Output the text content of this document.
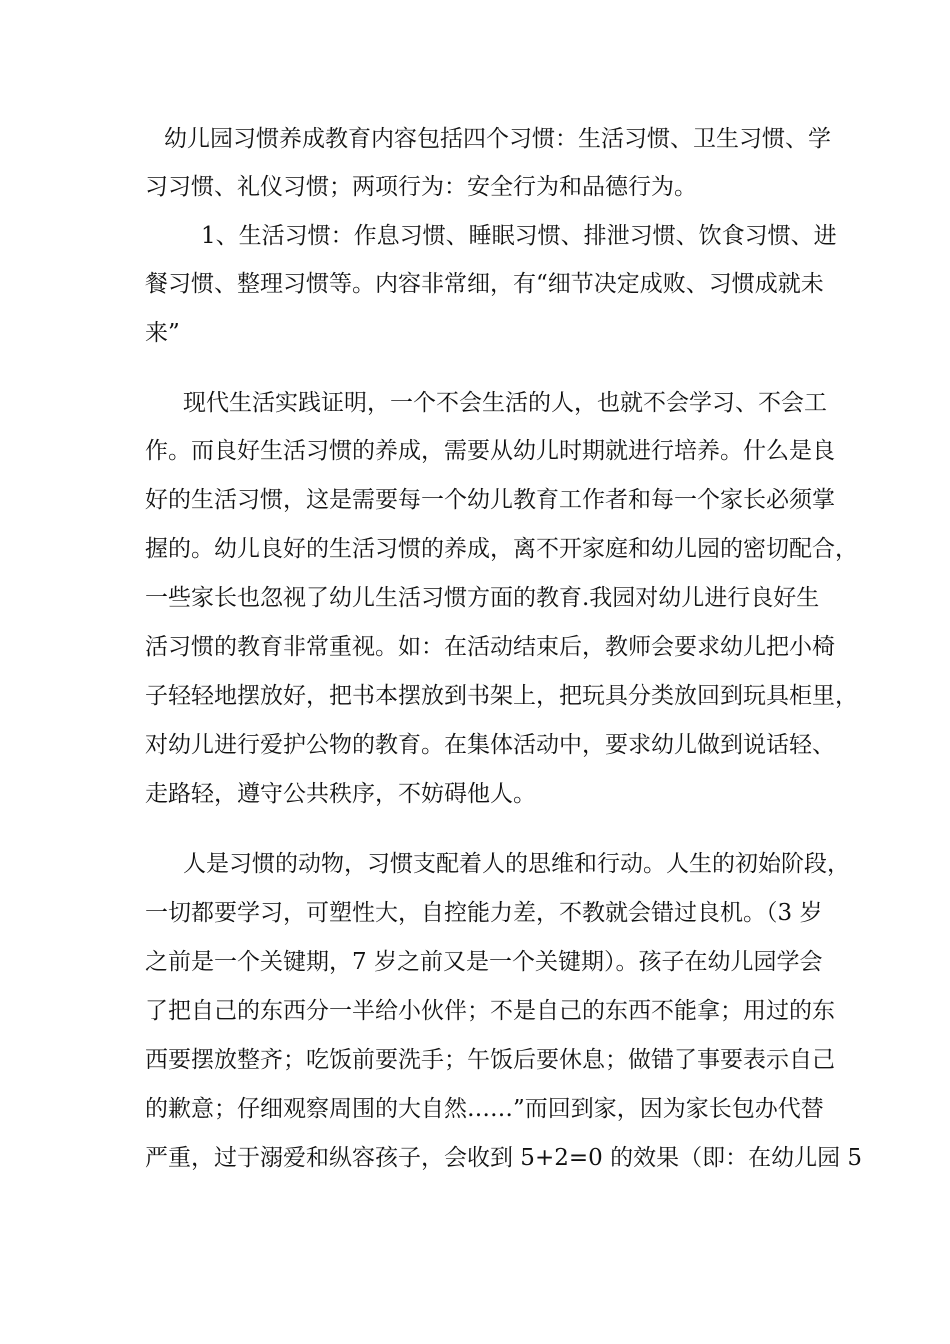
幼儿园习惯养成教育内容包括四个习惯：生活习惯、卫生习惯、学
习习惯、礼仪习惯；两项行为：安全行为和品德行为。
1、生活习惯：作息习惯、睡眠习惯、排泄习惯、饮食习惯、进
餐习惯、整理习惯等。内容非常细，有“细节决定成败、习惯成就未
来”
现代生活实践证明，一个不会生活的人，也就不会学习、不会工
作。而良好生活习惯的养成，需要从幼儿时期就进行培养。什么是良
好的生活习惯，这是需要每一个幼儿教育工作者和每一个家长必须掌
握的。幼儿良好的生活习惯的养成，离不开家庭和幼儿园的密切配合，
一些家长也忽视了幼儿生活习惯方面的教育.我园对幼儿进行良好生
活习惯的教育非常重视。如：在活动结束后，教师会要求幼儿把小椅
子轻轻地摆放好，把书本摆放到书架上，把玩具分类放回到玩具柜里，
对幼儿进行爱护公物的教育。在集体活动中，要求幼儿做到说话轻、
走路轻，遵守公共秩序，不妨碍他人。
人是习惯的动物，习惯支配着人的思维和行动。人生的初始阶段，
一切都要学习，可塑性大，自控能力差，不教就会错过良机。（3 岁
之前是一个关键期，7 岁之前又是一个关键期）。孩子在幼儿园学会
了把自己的东西分一半给小伙伴；不是自己的东西不能拿；用过的东
西要摆放整齐；吃饭前要洗手；午饭后要休息；做错了事要表示自己
的歉意；仔细观察周围的大自然……”而回到家，因为家长包办代替
严重，过于溺爱和纵容孩子，会收到 5+2=0 的效果（即：在幼儿园 5
